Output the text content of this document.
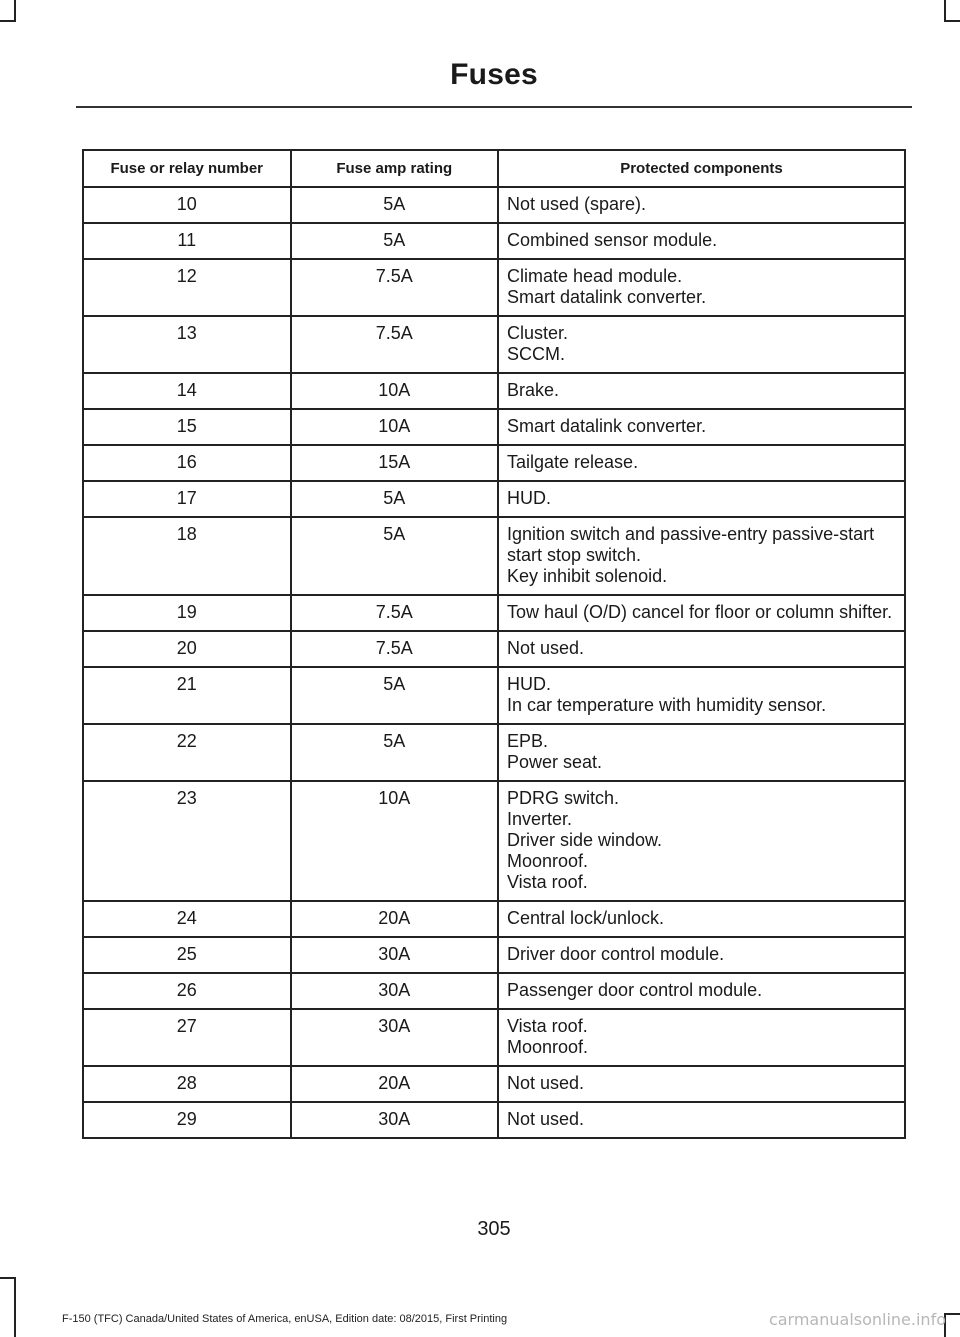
Fuses
Fuse or relay number	Fuse amp rating	Protected components
10	5A	Not used (spare).

11	5A	Combined sensor module.

12	7.5A	Climate head module.
Smart datalink converter.

13	7.5A	Cluster.
SCCM.

14	10A	Brake.

15	10A	Smart datalink converter.

16	15A	Tailgate release.

17	5A	HUD.

18	5A	Ignition switch and passive-entry passive-start start stop switch.
Key inhibit solenoid.

19	7.5A	Tow haul (O/D) cancel for floor or column shifter.

20	7.5A	Not used.

21	5A	HUD.
In car temperature with humidity sensor.

22	5A	EPB.
Power seat.

23	10A	PDRG switch.
Inverter.
Driver side window.
Moonroof.
Vista roof.

24	20A	Central lock/unlock.

25	30A	Driver door control module.

26	30A	Passenger door control module.

27	30A	Vista roof.
Moonroof.

28	20A	Not used.

29	30A	Not used.
305
F-150 (TFC) Canada/United States of America, enUSA, Edition date: 08/2015, First Printing	carmanualsonline.info
